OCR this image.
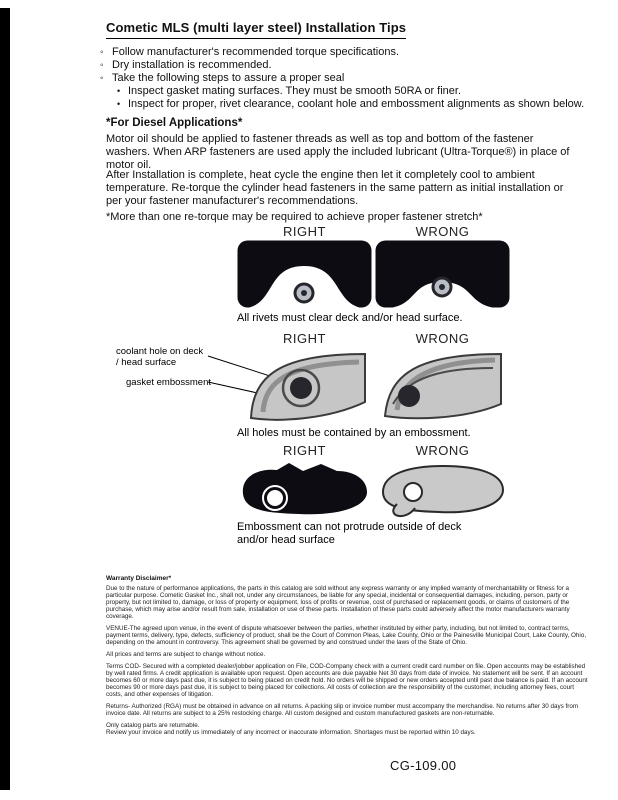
Cometic MLS (multi layer steel) Installation Tips
◦ Follow manufacturer's recommended torque specifications.
◦ Dry installation is recommended.
◦ Take the following steps to assure a proper seal
• Inspect gasket mating surfaces. They must be smooth 50RA or finer.
• Inspect for proper, rivet clearance, coolant hole and embossment alignments as shown below.
*For Diesel Applications*
Motor oil should be applied to fastener threads as well as top and bottom of the fastener washers. When ARP fasteners are used apply the included lubricant (Ultra-Torque®) in place of motor oil.
After Installation is complete, heat cycle the engine then let it completely cool to ambient temperature. Re-torque the cylinder head fasteners in the same pattern as initial installation or per your fastener manufacturer's recommendations.
*More than one re-torque may be required to achieve proper fastener stretch*
RIGHT	WRONG
All rivets must clear deck and/or head surface.
RIGHT	WRONG
coolant hole on deck / head surface
gasket embossment
All holes must be contained by an embossment.
RIGHT	WRONG
Embossment can not protrude outside of deck and/or head surface
Warranty Disclaimer*

Due to the nature of performance applications, the parts in this catalog are sold without any express warranty or any implied warranty of merchantability or fitness for a particular purpose. Cometic Gasket Inc., shall not, under any circumstances, be liable for any special, incidental or consequential damages, including, person, party or property, but not limited to, damage, or loss of property or equipment, loss of profits or revenue, cost of purchased or replacement goods, or claims of customers of the purchase, which may arise and/or result from sale, installation or use of these parts. Installation of these parts could adversely affect the motor manufacturers warranty coverage.

VENUE-The agreed upon venue, in the event of dispute whatsoever between the parties, whether instituted by either party, including, but not limited to, contract terms, payment terms, delivery, type, defects, sufficiency of product, shall be the Court of Common Pleas, Lake County, Ohio or the Painesville Municipal Court, Lake County, Ohio, depending on the amount in controversy. This agreement shall be governed by and construed under the laws of the State of Ohio.

All prices and terms are subject to change without notice.

Terms COD- Secured with a completed dealer/jobber application on File, COD-Company check with a current credit card number on file. Open accounts may be established by well rated firms. A credit application is available upon request. Open accounts are due payable Net 30 days from date of invoice. No statement will be sent. If an account becomes 60 or more days past due, it is subject to being placed on credit hold. No orders will be shipped or new orders accepted until past due balance is paid. If an account becomes 90 or more days past due, it is subject to being placed for collections. All costs of collection are the responsibility of the customer, including attorney fees, court costs, and other expenses of litigation.

Returns- Authorized (RGA) must be obtained in advance on all returns. A packing slip or invoice number must accompany the merchandise. No returns after 30 days from invoice date. All returns are subject to a 25% restocking charge. All custom designed and custom manufactured gaskets are non-returnable.

Only catalog parts are returnable.

Review your invoice and notify us immediately of any incorrect or inaccurate information. Shortages must be reported within 10 days.

CG-109.00
